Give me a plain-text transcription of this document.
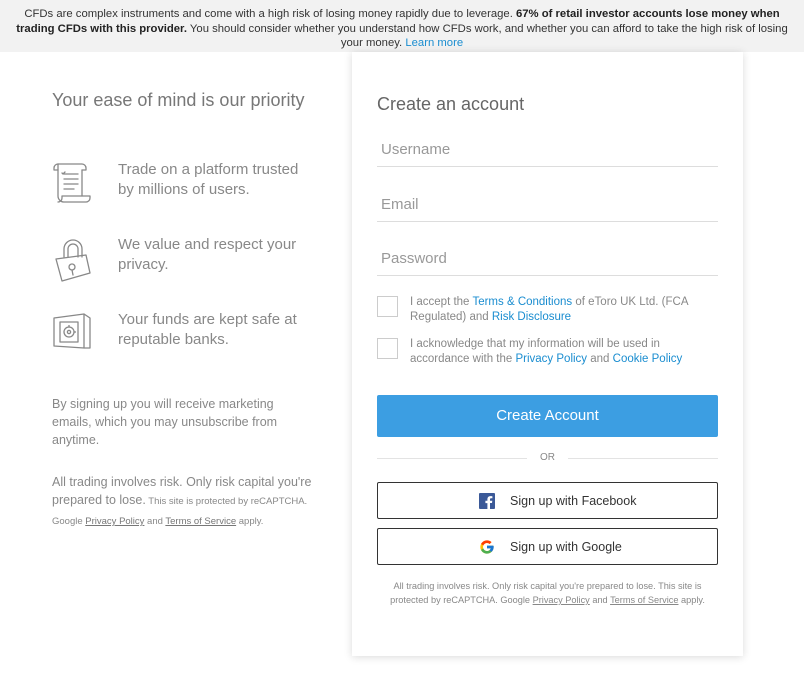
CFDs are complex instruments and come with a high risk of losing money rapidly due to leverage. 67% of retail investor accounts lose money when trading CFDs with this provider. You should consider whether you understand how CFDs work, and whether you can afford to take the high risk of losing your money. Learn more
Your ease of mind is our priority
Trade on a platform trusted by millions of users.
We value and respect your privacy.
Your funds are kept safe at reputable banks.
By signing up you will receive marketing emails, which you may unsubscribe from anytime.
All trading involves risk. Only risk capital you're prepared to lose. This site is protected by reCAPTCHA. Google Privacy Policy and Terms of Service apply.
Create an account
Username
Email
I accept the Terms & Conditions of eToro UK Ltd. (FCA Regulated) and Risk Disclosure
I acknowledge that my information will be used in accordance with the Privacy Policy and Cookie Policy
Create Account
OR
Sign up with Facebook
Sign up with Google
All trading involves risk. Only risk capital you're prepared to lose. This site is protected by reCAPTCHA. Google Privacy Policy and Terms of Service apply.
